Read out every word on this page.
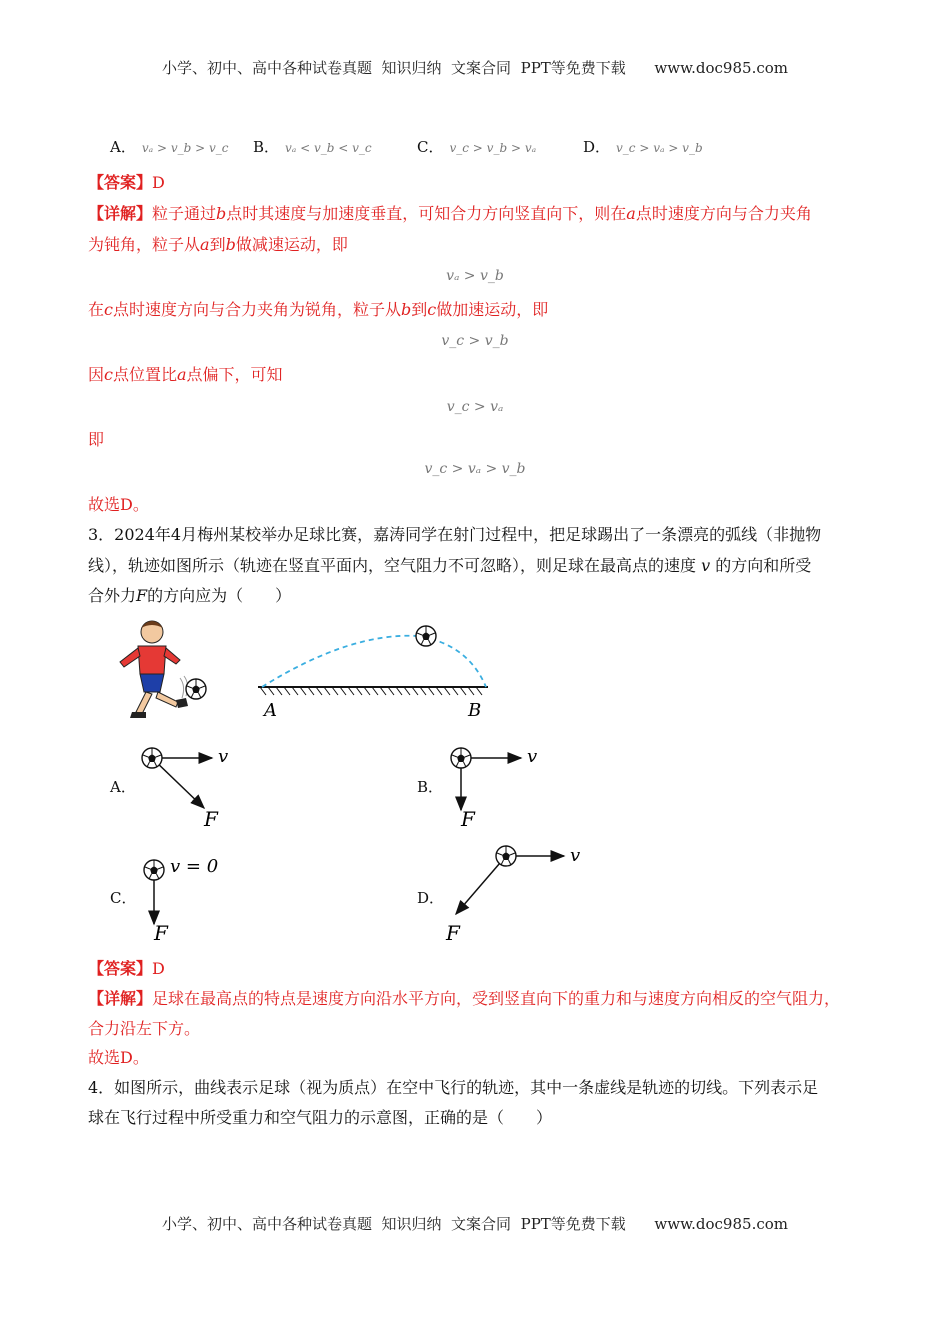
小学、初中、高中各种试卷真题  知识归纳  文案合同  PPT等免费下载      www.doc985.com
A． vₐ > v_b > v_c B． vₐ < v_b < v_c	C． v_c > v_b > vₐ	D． v_c > vₐ > v_b
【答案】D
【详解】粒子通过b点时其速度与加速度垂直，可知合力方向竖直向下，则在a点时速度方向与合力夹角
为钝角，粒子从a到b做减速运动，即
vₐ > v_b
在c点时速度方向与合力夹角为锐角，粒子从b到c做加速运动，即
v_c > v_b
因c点位置比a点偏下，可知
v_c > vₐ
即
v_c > vₐ > v_b
故选D。
3．2024年4月梅州某校举办足球比赛，嘉涛同学在射门过程中，把足球踢出了一条漂亮的弧线（非抛物
线），轨迹如图所示（轨迹在竖直平面内，空气阻力不可忽略），则足球在最高点的速度 v 的方向和所受
合外力F的方向应为（　　）
A	B
A．
v
F
B．
v
F
C．
v = 0
F
D．
v
F
【答案】D
【详解】足球在最高点的特点是速度方向沿水平方向，受到竖直向下的重力和与速度方向相反的空气阻力，
合力沿左下方。
故选D。
4．如图所示，曲线表示足球（视为质点）在空中飞行的轨迹，其中一条虚线是轨迹的切线。下列表示足
球在飞行过程中所受重力和空气阻力的示意图，正确的是（　　）
小学、初中、高中各种试卷真题  知识归纳  文案合同  PPT等免费下载      www.doc985.com
